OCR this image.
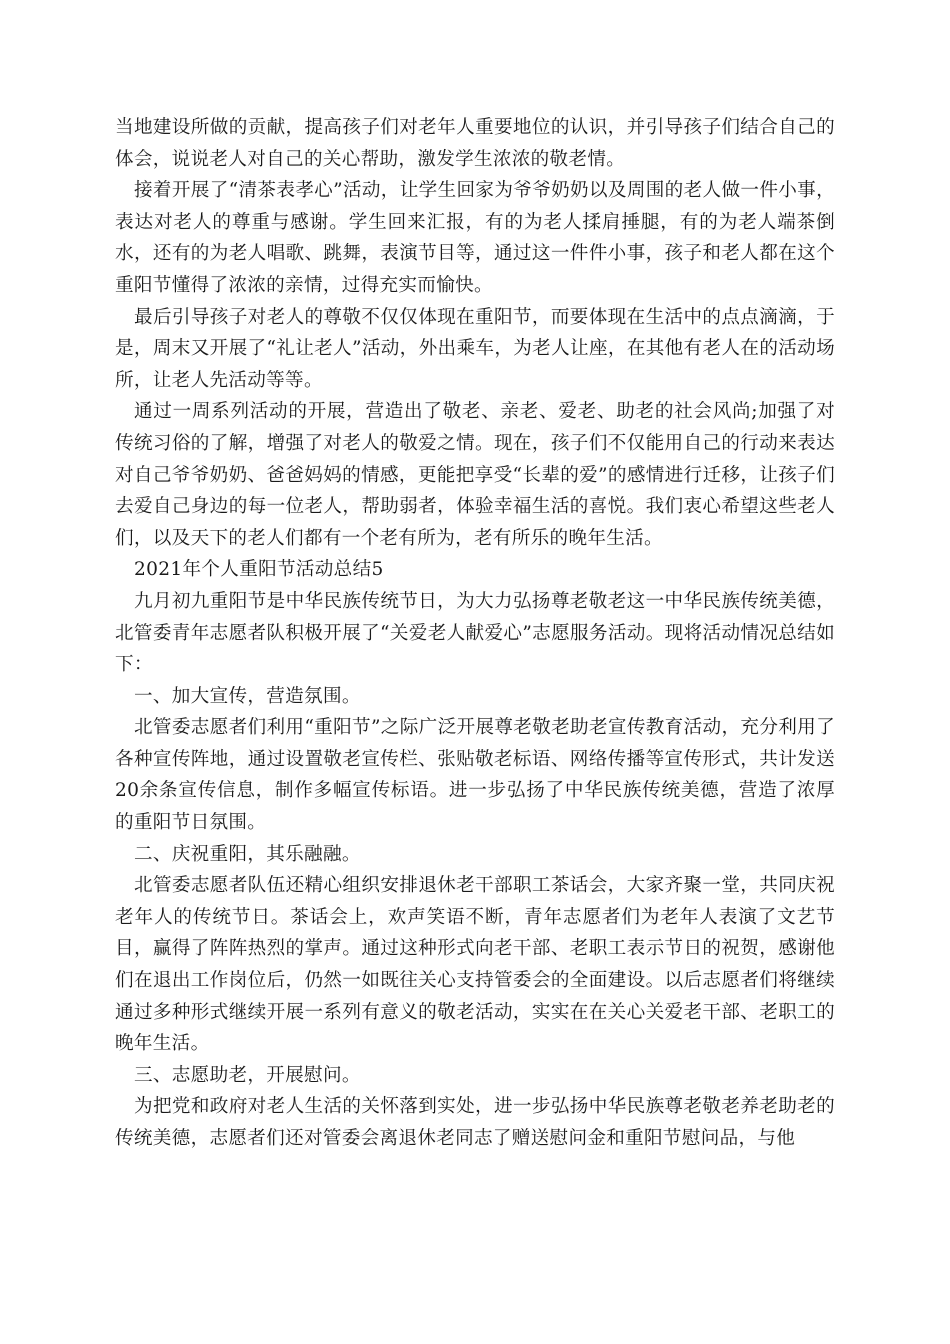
当地建设所做的贡献，提高孩子们对老年人重要地位的认识，并引导孩子们结合自己的体会，说说老人对自己的关心帮助，激发学生浓浓的敬老情。

接着开展了“清茶表孝心”活动，让学生回家为爷爷奶奶以及周围的老人做一件小事，表达对老人的尊重与感谢。学生回来汇报，有的为老人揉肩捶腿，有的为老人端茶倒水，还有的为老人唱歌、跳舞，表演节目等，通过这一件件小事，孩子和老人都在这个重阳节懂得了浓浓的亲情，过得充实而愉快。

最后引导孩子对老人的尊敬不仅仅体现在重阳节，而要体现在生活中的点点滴滴，于是，周末又开展了“礼让老人”活动，外出乘车，为老人让座，在其他有老人在的活动场所，让老人先活动等等。

通过一周系列活动的开展，营造出了敬老、亲老、爱老、助老的社会风尚;加强了对传统习俗的了解，增强了对老人的敬爱之情。现在，孩子们不仅能用自己的行动来表达对自己爷爷奶奶、爸爸妈妈的情感，更能把享受“长辈的爱”的感情进行迁移，让孩子们去爱自己身边的每一位老人，帮助弱者，体验幸福生活的喜悦。我们衷心希望这些老人们，以及天下的老人们都有一个老有所为，老有所乐的晚年生活。

2021年个人重阳节活动总结5

九月初九重阳节是中华民族传统节日，为大力弘扬尊老敬老这一中华民族传统美德，北管委青年志愿者队积极开展了“关爱老人献爱心”志愿服务活动。现将活动情况总结如下：

一、加大宣传，营造氛围。

北管委志愿者们利用“重阳节”之际广泛开展尊老敬老助老宣传教育活动，充分利用了各种宣传阵地，通过设置敬老宣传栏、张贴敬老标语、网络传播等宣传形式，共计发送20余条宣传信息，制作多幅宣传标语。进一步弘扬了中华民族传统美德，营造了浓厚的重阳节日氛围。

二、庆祝重阳，其乐融融。

北管委志愿者队伍还精心组织安排退休老干部职工茶话会，大家齐聚一堂，共同庆祝老年人的传统节日。茶话会上，欢声笑语不断，青年志愿者们为老年人表演了文艺节目，赢得了阵阵热烈的掌声。通过这种形式向老干部、老职工表示节日的祝贺，感谢他们在退出工作岗位后，仍然一如既往关心支持管委会的全面建设。以后志愿者们将继续通过多种形式继续开展一系列有意义的敬老活动，实实在在关心关爱老干部、老职工的晚年生活。

三、志愿助老，开展慰问。

为把党和政府对老人生活的关怀落到实处，进一步弘扬中华民族尊老敬老养老助老的传统美德，志愿者们还对管委会离退休老同志了赠送慰问金和重阳节慰问品，与他
